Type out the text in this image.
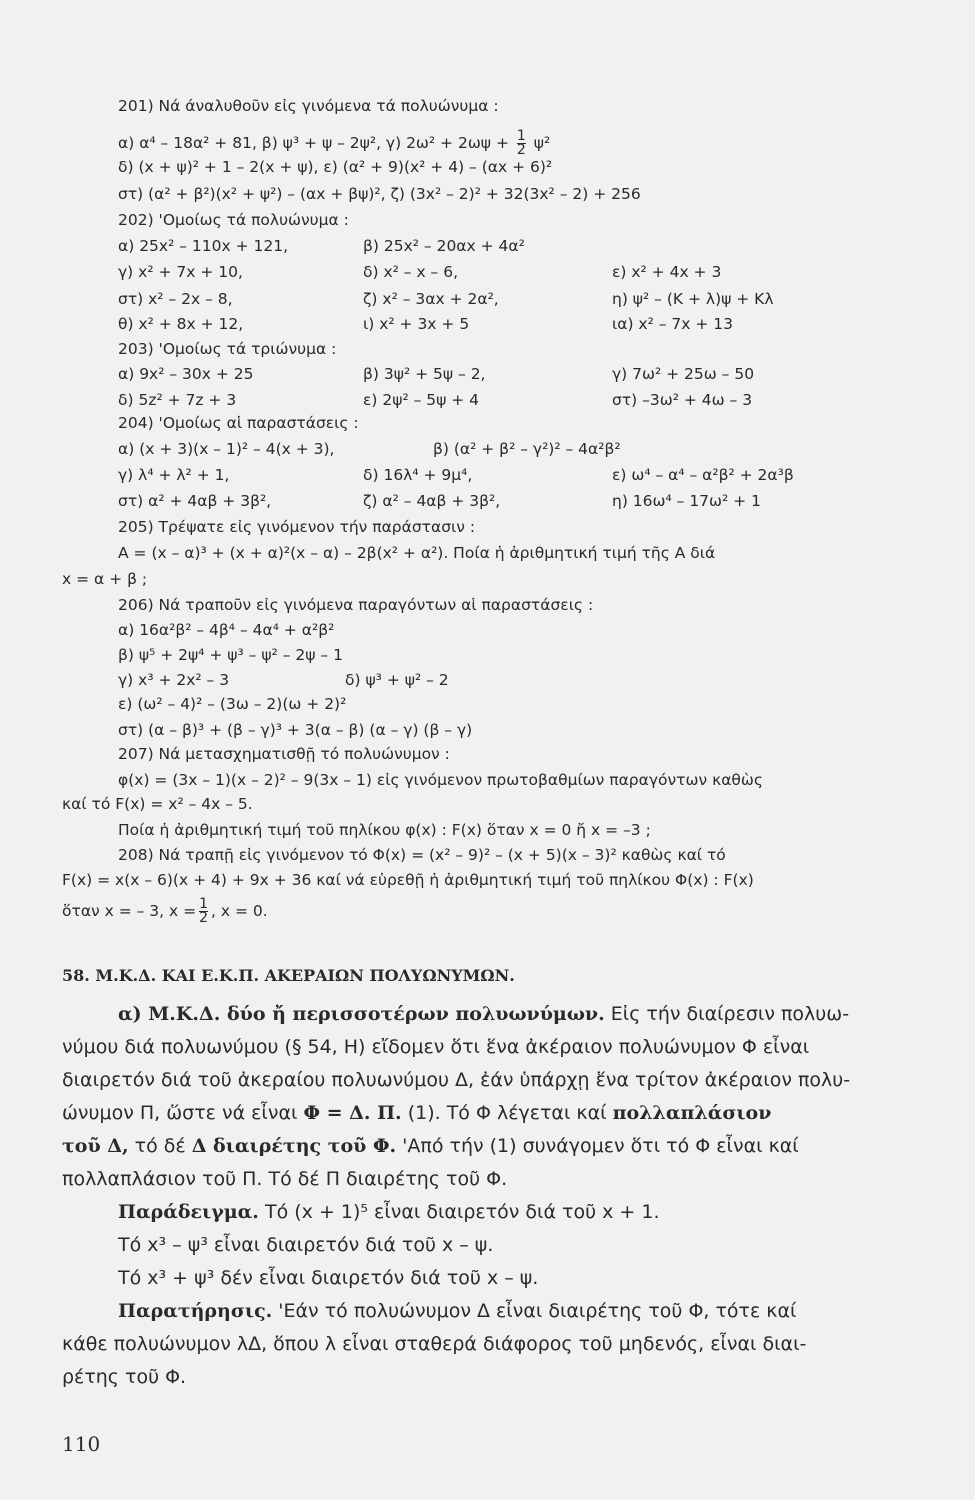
201) Νά άναλυθοῦν εἰς γινόμενα τά πολυώνυμα :
α) α⁴ – 18α² + 81, β) ψ³ + ψ – 2ψ², γ) $2\omega^2 + 2\omega\psi + \frac{1}{2} \psi^2$
δ) (x + ψ)² + 1 – 2(x + ψ), ε) (α² + 9)(x² + 4) – (αx + 6)²
στ) (α² + β²)(x² + ψ²) – (αx + βψ)², ζ) (3x² – 2)² + 32(3x² – 2) + 256
202) 'Ομοίως τά πολυώνυμα :
α) 25x² – 110x + 121,	β) 25x² – 20αx + 4α²
γ) x² + 7x + 10,	δ) x² – x – 6,	ε) x² + 4x + 3
στ) x² – 2x – 8,	ζ) x² – 3αx + 2α²,	η) ψ² – (K + λ)ψ + Kλ
θ) x² + 8x + 12,	ι) x² + 3x + 5	ια) x² – 7x + 13
203) 'Ομοίως τά τριώνυμα :
α) 9x² – 30x + 25	β) 3ψ² + 5ψ – 2,	γ) 7ω² + 25ω – 50
δ) 5z² + 7z + 3	ε) 2ψ² – 5ψ + 4	στ) –3ω² + 4ω – 3
204) 'Ομοίως αἱ παραστάσεις :
α) (x + 3)(x – 1)² – 4(x + 3),	β) (α² + β² – γ²)² – 4α²β²
γ) λ⁴ + λ² + 1,	δ) 16λ⁴ + 9μ⁴,	ε) ω⁴ – α⁴ – α²β² + 2α³β
στ) α² + 4αβ + 3β²,	ζ) α² – 4αβ + 3β²,	η) 16ω⁴ – 17ω² + 1
205) Τρέψατε εἰς γινόμενον τήν παράστασιν :
A = (x – α)³ + (x + α)²(x – α) – 2β(x² + α²). Ποία ἡ ἀριθμητική τιμή τῆς A διά
x = α + β ;
206) Νά τραποῦν εἰς γινόμενα παραγόντων αἱ παραστάσεις :
α) 16α²β² – 4β⁴ – 4α⁴ + α²β²
β) ψ⁵ + 2ψ⁴ + ψ³ – ψ² – 2ψ – 1
γ) x³ + 2x² – 3	δ) ψ³ + ψ² – 2
ε) (ω² – 4)² – (3ω – 2)(ω + 2)²
στ) (α – β)³ + (β – γ)³ + 3(α – β) (α – γ) (β – γ)
207) Νά μετασχηματισθῇ τό πολυώνυμον :
φ(x) = (3x – 1)(x – 2)² – 9(3x – 1) εἰς γινόμενον πρωτοβαθμίων παραγόντων καθὼς
καί τό F(x) = x² – 4x – 5.
Ποία ἡ ἀριθμητική τιμή τοῦ πηλίκου φ(x) : F(x) ὅταν x = 0 ἤ x = –3 ;
208) Νά τραπῇ εἰς γινόμενον τό Φ(x) = (x² – 9)² – (x + 5)(x – 3)² καθὼς καί τό
F(x) = x(x – 6)(x + 4) + 9x + 36 καί νά εὑρεθῇ ἡ ἀριθμητική τιμή τοῦ πηλίκου Φ(x) : F(x)
ὅταν x = – 3, $x = \frac{1}{2}$ , x = 0.
58. Μ.Κ.Δ. ΚΑΙ Ε.Κ.Π. ΑΚΕΡΑΙΩΝ ΠΟΛΥΩΝΥΜΩΝ.
α) Μ.Κ.Δ. δύο ἤ περισσοτέρων πολυωνύμων. Εἰς τήν διαίρεσιν πολυω-
νύμου διά πολυωνύμου (§ 54, Η) εἴδομεν ὅτι ἕνα ἀκέραιον πολυώνυμον Φ εἶναι
διαιρετόν διά τοῦ ἀκεραίου πολυωνύμου Δ, ἐάν ὑπάρχῃ ἕνα τρίτον ἀκέραιον πολυ-
ώνυμον Π, ὥστε νά εἶναι Φ = Δ. Π. (1). Τό Φ λέγεται καί πολλαπλάσιον
τοῦ Δ, τό δέ Δ διαιρέτης τοῦ Φ. 'Από τήν (1) συνάγομεν ὅτι τό Φ εἶναι καί
πολλαπλάσιον τοῦ Π. Τό δέ Π διαιρέτης τοῦ Φ.
Παράδειγμα. Τό (x + 1)⁵ εἶναι διαιρετόν διά τοῦ x + 1.
Τό x³ – ψ³ εἶναι διαιρετόν διά τοῦ x – ψ.
Τό x³ + ψ³ δέν εἶναι διαιρετόν διά τοῦ x – ψ.
Παρατήρησις. 'Εάν τό πολυώνυμον Δ εἶναι διαιρέτης τοῦ Φ, τότε καί
κάθε πολυώνυμον λΔ, ὅπου λ εἶναι σταθερά διάφορος τοῦ μηδενός, εἶναι διαι-
ρέτης τοῦ Φ.
110
